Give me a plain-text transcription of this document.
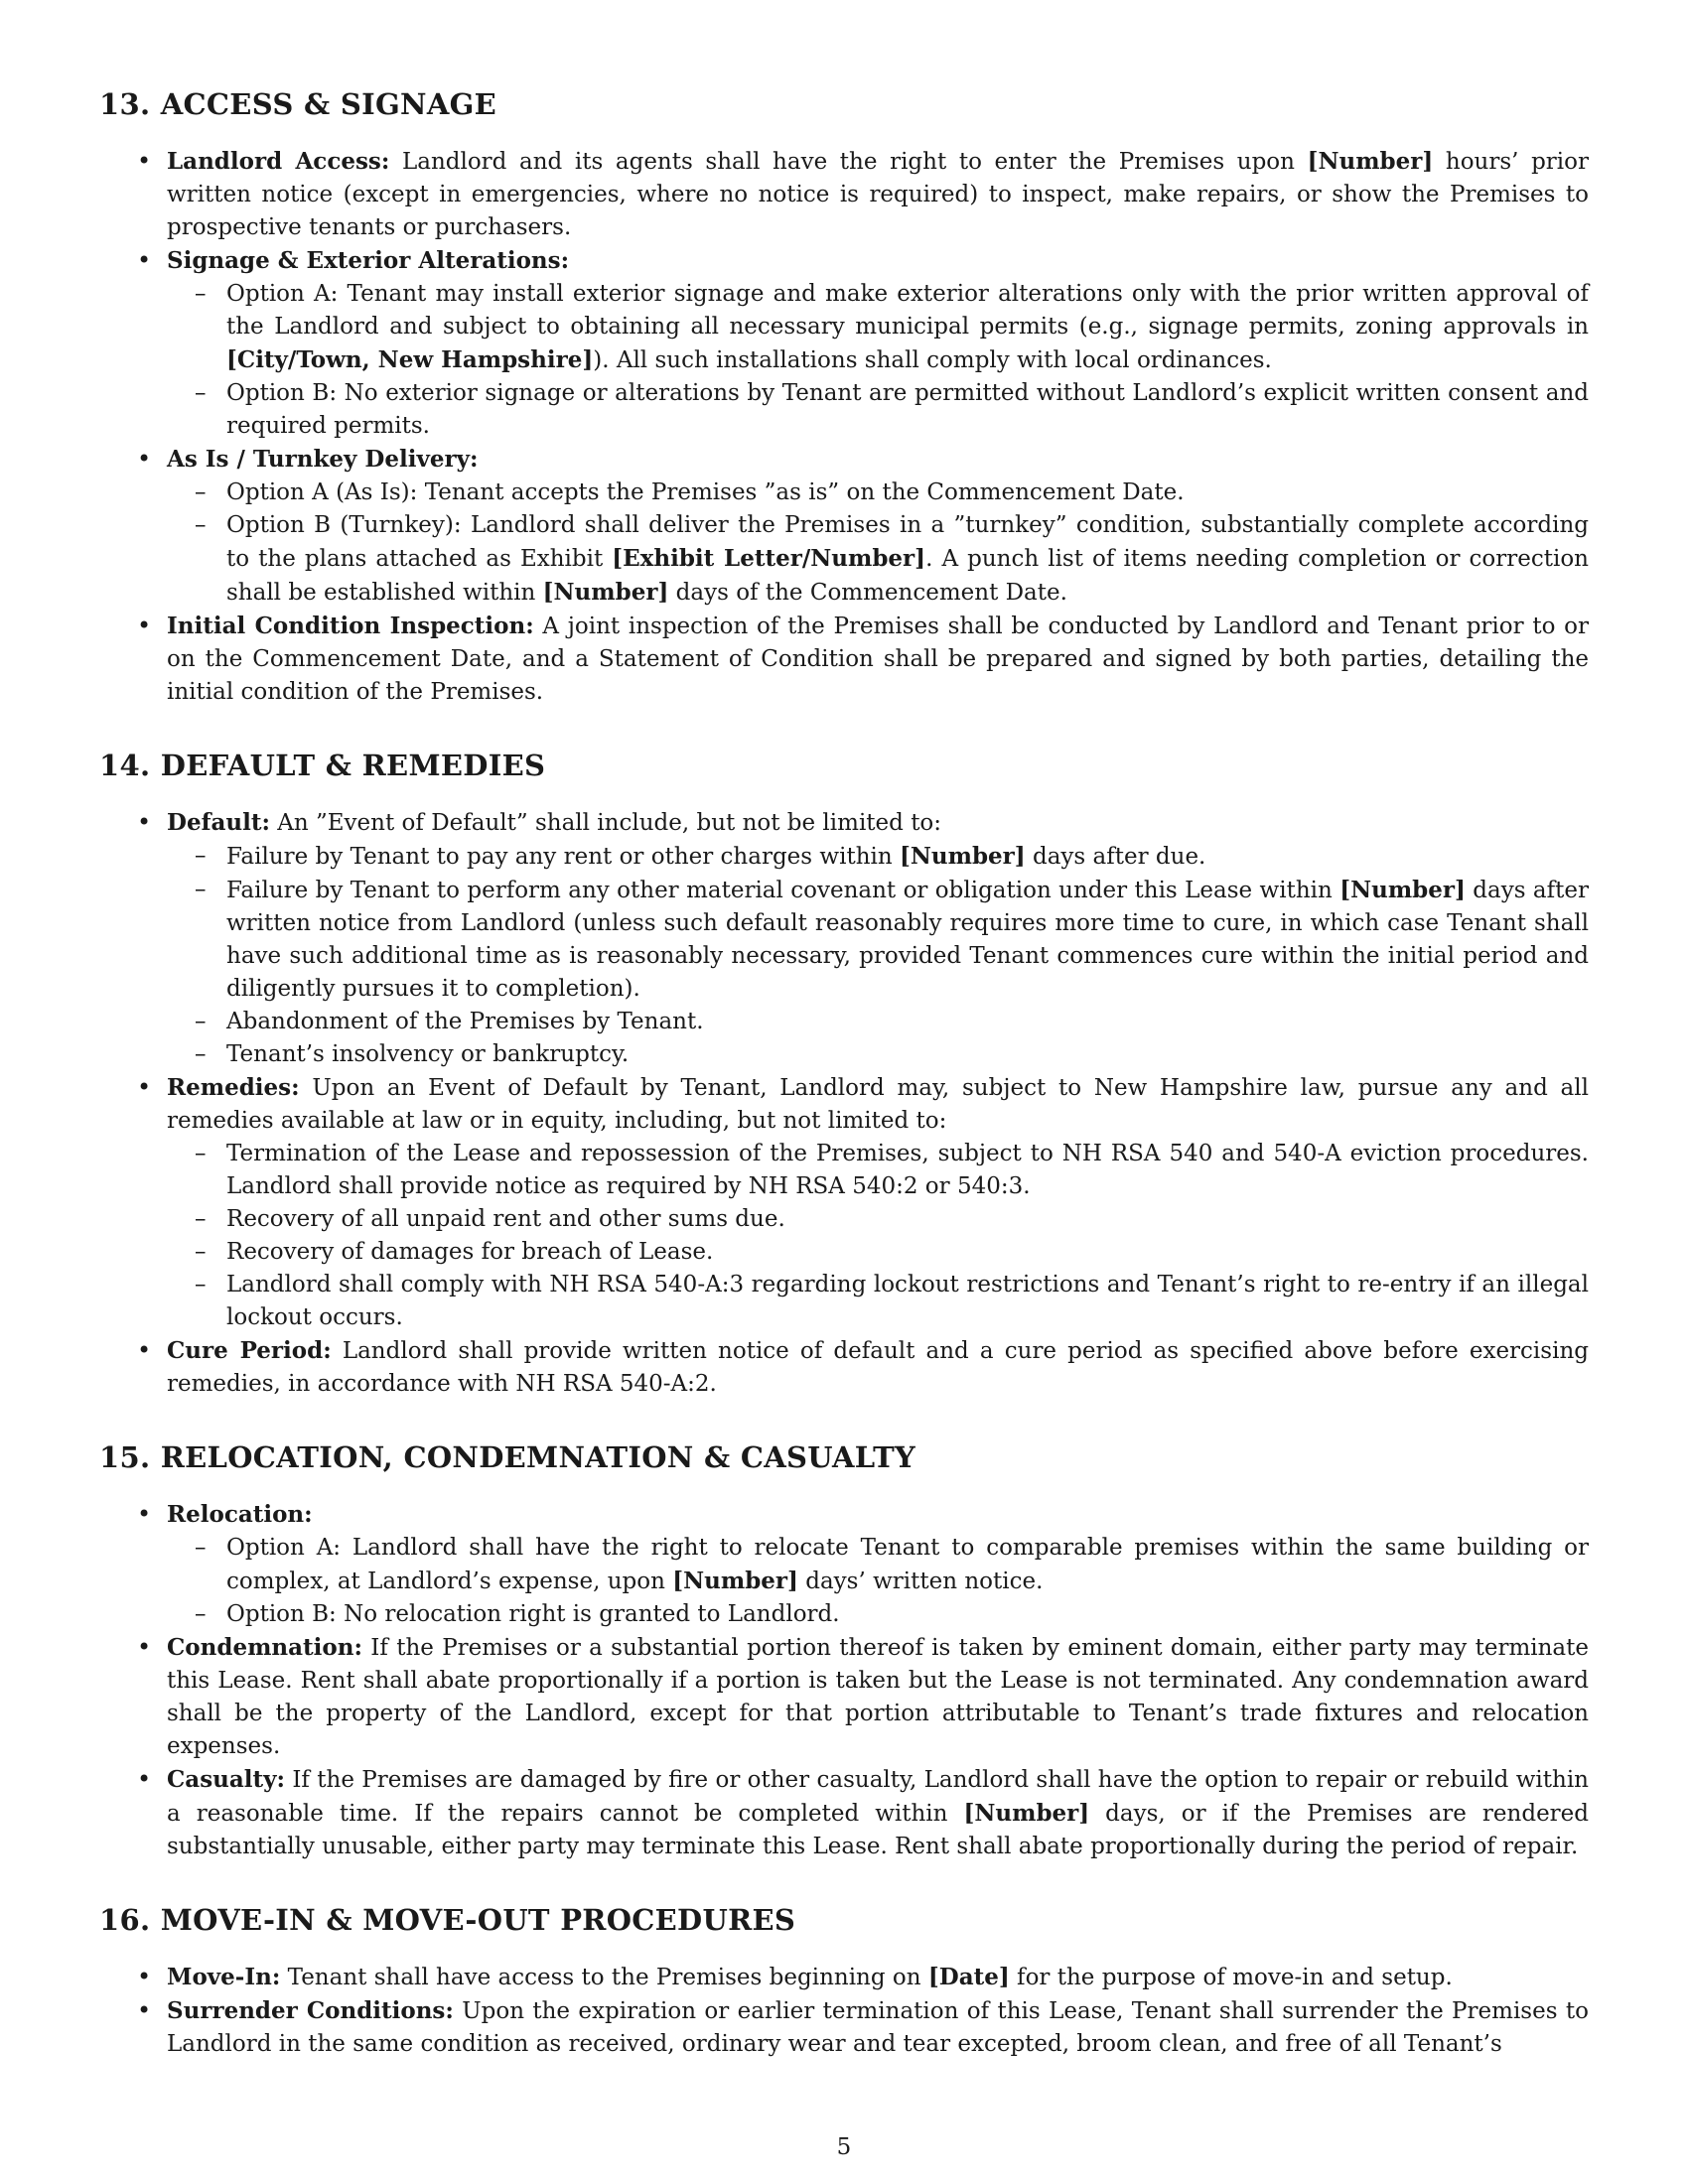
13. ACCESS & SIGNAGE
• Landlord Access: Landlord and its agents shall have the right to enter the Premises upon [Number] hours’ prior written notice (except in emergencies, where no notice is required) to inspect, make repairs, or show the Premises to prospective tenants or purchasers.
• Signage & Exterior Alterations:
– Option A: Tenant may install exterior signage and make exterior alterations only with the prior written approval of the Landlord and subject to obtaining all necessary municipal permits (e.g., signage permits, zoning approvals in [City/Town, New Hampshire]). All such installations shall comply with local ordinances.
– Option B: No exterior signage or alterations by Tenant are permitted without Landlord’s explicit written consent and required permits.
• As Is / Turnkey Delivery:
– Option A (As Is): Tenant accepts the Premises ”as is” on the Commencement Date.
– Option B (Turnkey): Landlord shall deliver the Premises in a ”turnkey” condition, substantially complete according to the plans attached as Exhibit [Exhibit Letter/Number]. A punch list of items needing completion or correction shall be established within [Number] days of the Commencement Date.
• Initial Condition Inspection: A joint inspection of the Premises shall be conducted by Landlord and Tenant prior to or on the Commencement Date, and a Statement of Condition shall be prepared and signed by both parties, detailing the initial condition of the Premises.
14. DEFAULT & REMEDIES
• Default: An ”Event of Default” shall include, but not be limited to:
– Failure by Tenant to pay any rent or other charges within [Number] days after due.
– Failure by Tenant to perform any other material covenant or obligation under this Lease within [Number] days after written notice from Landlord (unless such default reasonably requires more time to cure, in which case Tenant shall have such additional time as is reasonably necessary, provided Tenant commences cure within the initial period and diligently pursues it to completion).
– Abandonment of the Premises by Tenant.
– Tenant’s insolvency or bankruptcy.
• Remedies: Upon an Event of Default by Tenant, Landlord may, subject to New Hampshire law, pursue any and all remedies available at law or in equity, including, but not limited to:
– Termination of the Lease and repossession of the Premises, subject to NH RSA 540 and 540-A eviction procedures. Landlord shall provide notice as required by NH RSA 540:2 or 540:3.
– Recovery of all unpaid rent and other sums due.
– Recovery of damages for breach of Lease.
– Landlord shall comply with NH RSA 540-A:3 regarding lockout restrictions and Tenant’s right to re-entry if an illegal lockout occurs.
• Cure Period: Landlord shall provide written notice of default and a cure period as specified above before exercising remedies, in accordance with NH RSA 540-A:2.
15. RELOCATION, CONDEMNATION & CASUALTY
• Relocation:
– Option A: Landlord shall have the right to relocate Tenant to comparable premises within the same building or complex, at Landlord’s expense, upon [Number] days’ written notice.
– Option B: No relocation right is granted to Landlord.
• Condemnation: If the Premises or a substantial portion thereof is taken by eminent domain, either party may terminate this Lease. Rent shall abate proportionally if a portion is taken but the Lease is not terminated. Any condemnation award shall be the property of the Landlord, except for that portion attributable to Tenant’s trade fixtures and relocation expenses.
• Casualty: If the Premises are damaged by fire or other casualty, Landlord shall have the option to repair or rebuild within a reasonable time. If the repairs cannot be completed within [Number] days, or if the Premises are rendered substantially unusable, either party may terminate this Lease. Rent shall abate proportionally during the period of repair.
16. MOVE-IN & MOVE-OUT PROCEDURES
• Move-In: Tenant shall have access to the Premises beginning on [Date] for the purpose of move-in and setup.
• Surrender Conditions: Upon the expiration or earlier termination of this Lease, Tenant shall surrender the Premises to Landlord in the same condition as received, ordinary wear and tear excepted, broom clean, and free of all Tenant’s
5
